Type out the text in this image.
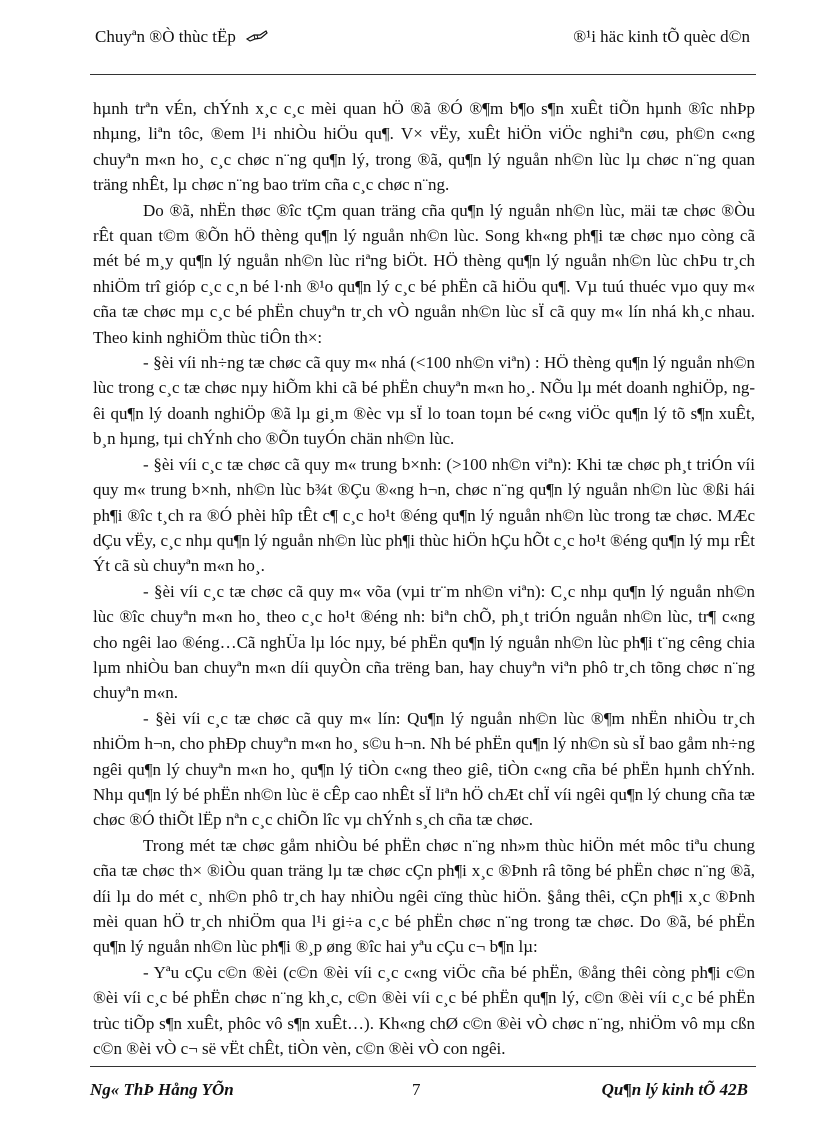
Chuyªn ®Ò thùc tËp	®¹i häc kinh tÕ quèc d©n

hµnh trªn vÉn, chÝnh x¸c c¸c mèi quan hÖ ®ã ®Ó ®¶m b¶o s¶n xuÊt tiÕn hµnh ®îc nhÞp nhµng, liªn tôc, ®em l¹i nhiÒu hiÖu qu¶. V× vËy, xuÊt hiÖn viÖc nghiªn cøu, ph©n c«ng chuyªn m«n ho¸ c¸c chøc n¨ng qu¶n lý, trong ®ã, qu¶n lý nguån nh©n lùc lµ chøc n¨ng quan träng nhÊt, lµ chøc n¨ng bao trïm cña c¸c chøc n¨ng.

Do ®ã, nhËn thøc ®îc tÇm quan träng cña qu¶n lý nguån nh©n lùc, mäi tæ chøc ®Òu rÊt quan t©m ®Õn hÖ thèng qu¶n lý nguån nh©n lùc. Song kh«ng ph¶i tæ chøc nµo còng cã mét bé m¸y qu¶n lý nguån nh©n lùc riªng biÖt. HÖ thèng qu¶n lý nguån nh©n lùc chÞu tr¸ch nhiÖm trî gióp c¸c c¸n bé l·nh ®¹o qu¶n lý c¸c bé phËn cã hiÖu qu¶. Vµ tuú thuéc vµo quy m« cña tæ chøc mµ c¸c bé phËn chuyªn tr¸ch vÒ nguån nh©n lùc sÏ cã quy m« lín nhá kh¸c nhau. Theo kinh nghiÖm thùc tiÔn th×:

- §èi víi nh÷ng tæ chøc cã quy m« nhá (<100 nh©n viªn) : HÖ thèng qu¶n lý nguån nh©n lùc trong c¸c tæ chøc nµy hiÕm khi cã bé phËn chuyªn m«n ho¸. NÕu lµ mét doanh nghiÖp, ngêi qu¶n lý doanh nghiÖp ®ã lµ gi¸m ®èc vµ sÏ lo toan toµn bé c«ng viÖc qu¶n lý tõ s¶n xuÊt, b¸n hµng, tµi chÝnh cho ®Õn tuyÓn chän nh©n lùc.

- §èi víi c¸c tæ chøc cã quy m« trung b×nh: (>100 nh©n viªn): Khi tæ chøc ph¸t triÓn víi quy m« trung b×nh, nh©n lùc b¾t ®Çu ®«ng h¬n, chøc n¨ng qu¶n lý nguån nh©n lùc ®ßi hái ph¶i ®îc t¸ch ra ®Ó phèi hîp tÊt c¶ c¸c ho¹t ®éng qu¶n lý nguån nh©n lùc trong tæ chøc. MÆc dÇu vËy, c¸c nhµ qu¶n lý nguån nh©n lùc ph¶i thùc hiÖn hÇu hÕt c¸c ho¹t ®éng qu¶n lý mµ rÊt Ýt cã sù chuyªn m«n ho¸.

- §èi víi c¸c tæ chøc cã quy m« võa (vµi tr¨m nh©n viªn): C¸c nhµ qu¶n lý nguån nh©n lùc ®îc chuyªn m«n ho¸ theo c¸c ho¹t ®éng nh: biªn chÕ, ph¸t triÓn nguån nh©n lùc, tr¶ c«ng cho ngêi lao ®éng…Cã nghÜa lµ lóc nµy, bé phËn qu¶n lý nguån nh©n lùc ph¶i t¨ng cêng chia lµm nhiÒu ban chuyªn m«n díi quyÒn cña trëng ban, hay chuyªn viªn phô tr¸ch tõng chøc n¨ng chuyªn m«n.

- §èi víi c¸c tæ chøc cã quy m« lín: Qu¶n lý nguån nh©n lùc ®¶m nhËn nhiÒu tr¸ch nhiÖm h¬n, cho phÐp chuyªn m«n ho¸ s©u h¬n. Nh bé phËn qu¶n lý nh©n sù sÏ bao gåm nh÷ng ngêi qu¶n lý chuyªn m«n ho¸ qu¶n lý tiÒn c«ng theo giê, tiÒn c«ng cña bé phËn hµnh chÝnh. Nhµ qu¶n lý bé phËn nh©n lùc ë cÊp cao nhÊt sÏ liªn hÖ chÆt chÏ víi ngêi qu¶n lý chung cña tæ chøc ®Ó thiÕt lËp nªn c¸c chiÕn lîc vµ chÝnh s¸ch cña tæ chøc.

Trong mét tæ chøc gåm nhiÒu bé phËn chøc n¨ng nh»m thùc hiÖn mét môc tiªu chung cña tæ chøc th× ®iÒu quan träng lµ tæ chøc cÇn ph¶i x¸c ®Þnh râ tõng bé phËn chøc n¨ng ®ã, díi lµ do mét c¸ nh©n phô tr¸ch hay nhiÒu ngêi cïng thùc hiÖn. §ång thêi, cÇn ph¶i x¸c ®Þnh mèi quan hÖ tr¸ch nhiÖm qua l¹i gi÷a c¸c bé phËn chøc n¨ng trong tæ chøc. Do ®ã, bé phËn qu¶n lý nguån nh©n lùc ph¶i ®¸p øng ®îc hai yªu cÇu c¬ b¶n lµ:

- Yªu cÇu c©n ®èi (c©n ®èi víi c¸c c«ng viÖc cña bé phËn, ®ång thêi còng ph¶i c©n ®èi víi c¸c bé phËn chøc n¨ng kh¸c, c©n ®èi víi c¸c bé phËn qu¶n lý, c©n ®èi víi c¸c bé phËn trùc tiÕp s¶n xuÊt, phôc vô s¶n xuÊt…). Kh«ng chØ c©n ®èi vÒ chøc n¨ng, nhiÖm vô mµ cßn c©n ®èi vÒ c¬ së vËt chÊt, tiÒn vèn, c©n ®èi vÒ con ngêi.

Ng« ThÞ Hång YÕn	7	Qu¶n lý kinh tÕ 42B
